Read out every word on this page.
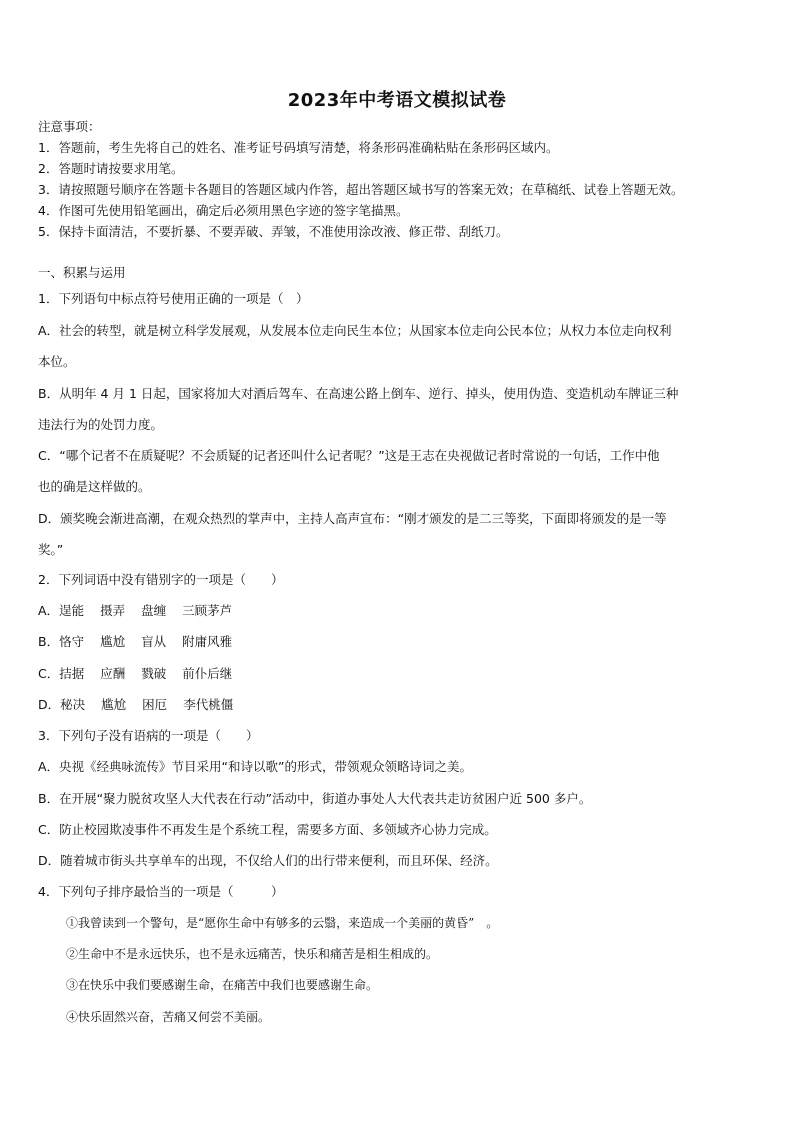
2023年中考语文模拟试卷
注意事项：
1．答题前，考生先将自己的姓名、准考证号码填写清楚，将条形码准确粘贴在条形码区域内。
2．答题时请按要求用笔。
3．请按照题号顺序在答题卡各题目的答题区域内作答，超出答题区域书写的答案无效；在草稿纸、试卷上答题无效。
4．作图可先使用铅笔画出，确定后必须用黑色字迹的签字笔描黑。
5．保持卡面清洁，不要折暴、不要弄破、弄皱，不准使用涂改液、修正带、刮纸刀。
一、积累与运用
1．下列语句中标点符号使用正确的一项是（　）
A．社会的转型，就是树立科学发展观，从发展本位走向民生本位；从国家本位走向公民本位；从权力本位走向权利
本位。
B．从明年 4 月 1 日起，国家将加大对酒后驾车、在高速公路上倒车、逆行、掉头，使用伪造、变造机动车牌证三种
违法行为的处罚力度。
C．“哪个记者不在质疑呢？不会质疑的记者还叫什么记者呢？”这是王志在央视做记者时常说的一句话，工作中他
也的确是这样做的。
D．颁奖晚会渐进高潮，在观众热烈的掌声中，主持人高声宣布：“刚才颁发的是二三等奖，下面即将颁发的是一等
奖。”
2．下列词语中没有错别字的一项是（　　）
A．逞能 摄弄 盘缠 三顾茅芦
B．恪守 尴尬 盲从 附庸风雅
C．拮据 应酬 戮破 前仆后继
D．秘决 尴尬 困厄 李代桃僵
3．下列句子没有语病的一项是（　　）
A．央视《经典咏流传》节目采用“和诗以歌”的形式，带领观众领略诗词之美。
B．在开展“聚力脱贫攻坚人大代表在行动”活动中，街道办事处人大代表共走访贫困户近 500 多户。
C．防止校园欺凌事件不再发生是个系统工程，需要多方面、多领域齐心协力完成。
D．随着城市街头共享单车的出现，不仅给人们的出行带来便利，而且环保、经济。
4．下列句子排序最恰当的一项是（　　　）
①我曾读到一个警句，是“愿你生命中有够多的云翳，来造成一个美丽的黄昏”　。
②生命中不是永远快乐，也不是永远痛苦，快乐和痛苦是相生相成的。
③在快乐中我们要感谢生命，在痛苦中我们也要感谢生命。
④快乐固然兴奋，苦痛又何尝不美丽。
